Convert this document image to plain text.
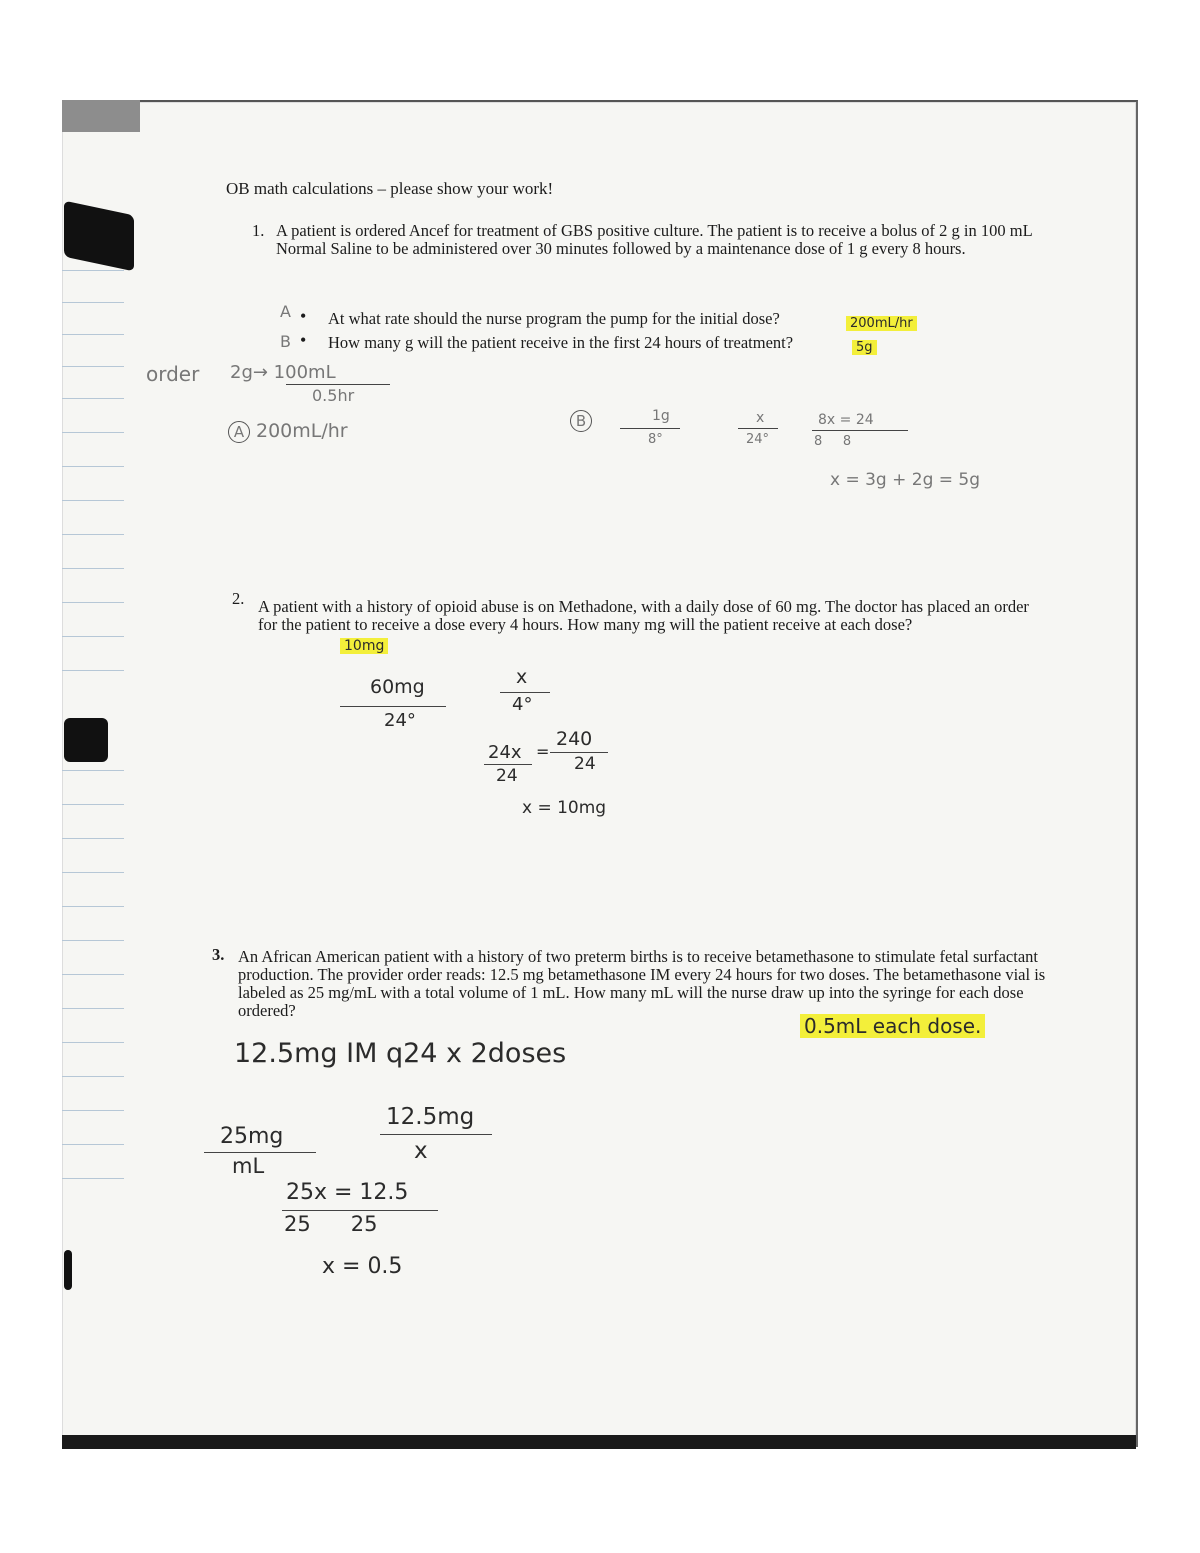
OB math calculations – please show your work!
1. A patient is ordered Ancef for treatment of GBS positive culture. The patient is to receive a bolus of 2 g in 100 mL Normal Saline to be administered over 30 minutes followed by a maintenance dose of 1 g every 8 hours.
A • At what rate should the nurse program the pump for the initial dose?	200mL/hr
B • How many g will the patient receive in the first 24 hours of treatment?	5g
order 2g→ 100mL
0.5hr
A 200mL/hr	B	1g
8°
x
24°
8x = 24
8     8
x = 3g + 2g = 5g
2. A patient with a history of opioid abuse is on Methadone, with a daily dose of 60 mg. The doctor has placed an order for the patient to receive a dose every 4 hours. How many mg will the patient receive at each dose?
10mg
60mg
24°
x
4°
24x
24
=
240
24
x = 10mg
3. An African American patient with a history of two preterm births is to receive betamethasone to stimulate fetal surfactant production. The provider order reads: 12.5 mg betamethasone IM every 24 hours for two doses. The betamethasone vial is labeled as 25 mg/mL with a total volume of 1 mL. How many mL will the nurse draw up into the syringe for each dose ordered?
0.5mL each dose.
12.5mg IM q24 x 2doses
25mg
mL
12.5mg
x
25x = 12.5
25      25
x = 0.5
